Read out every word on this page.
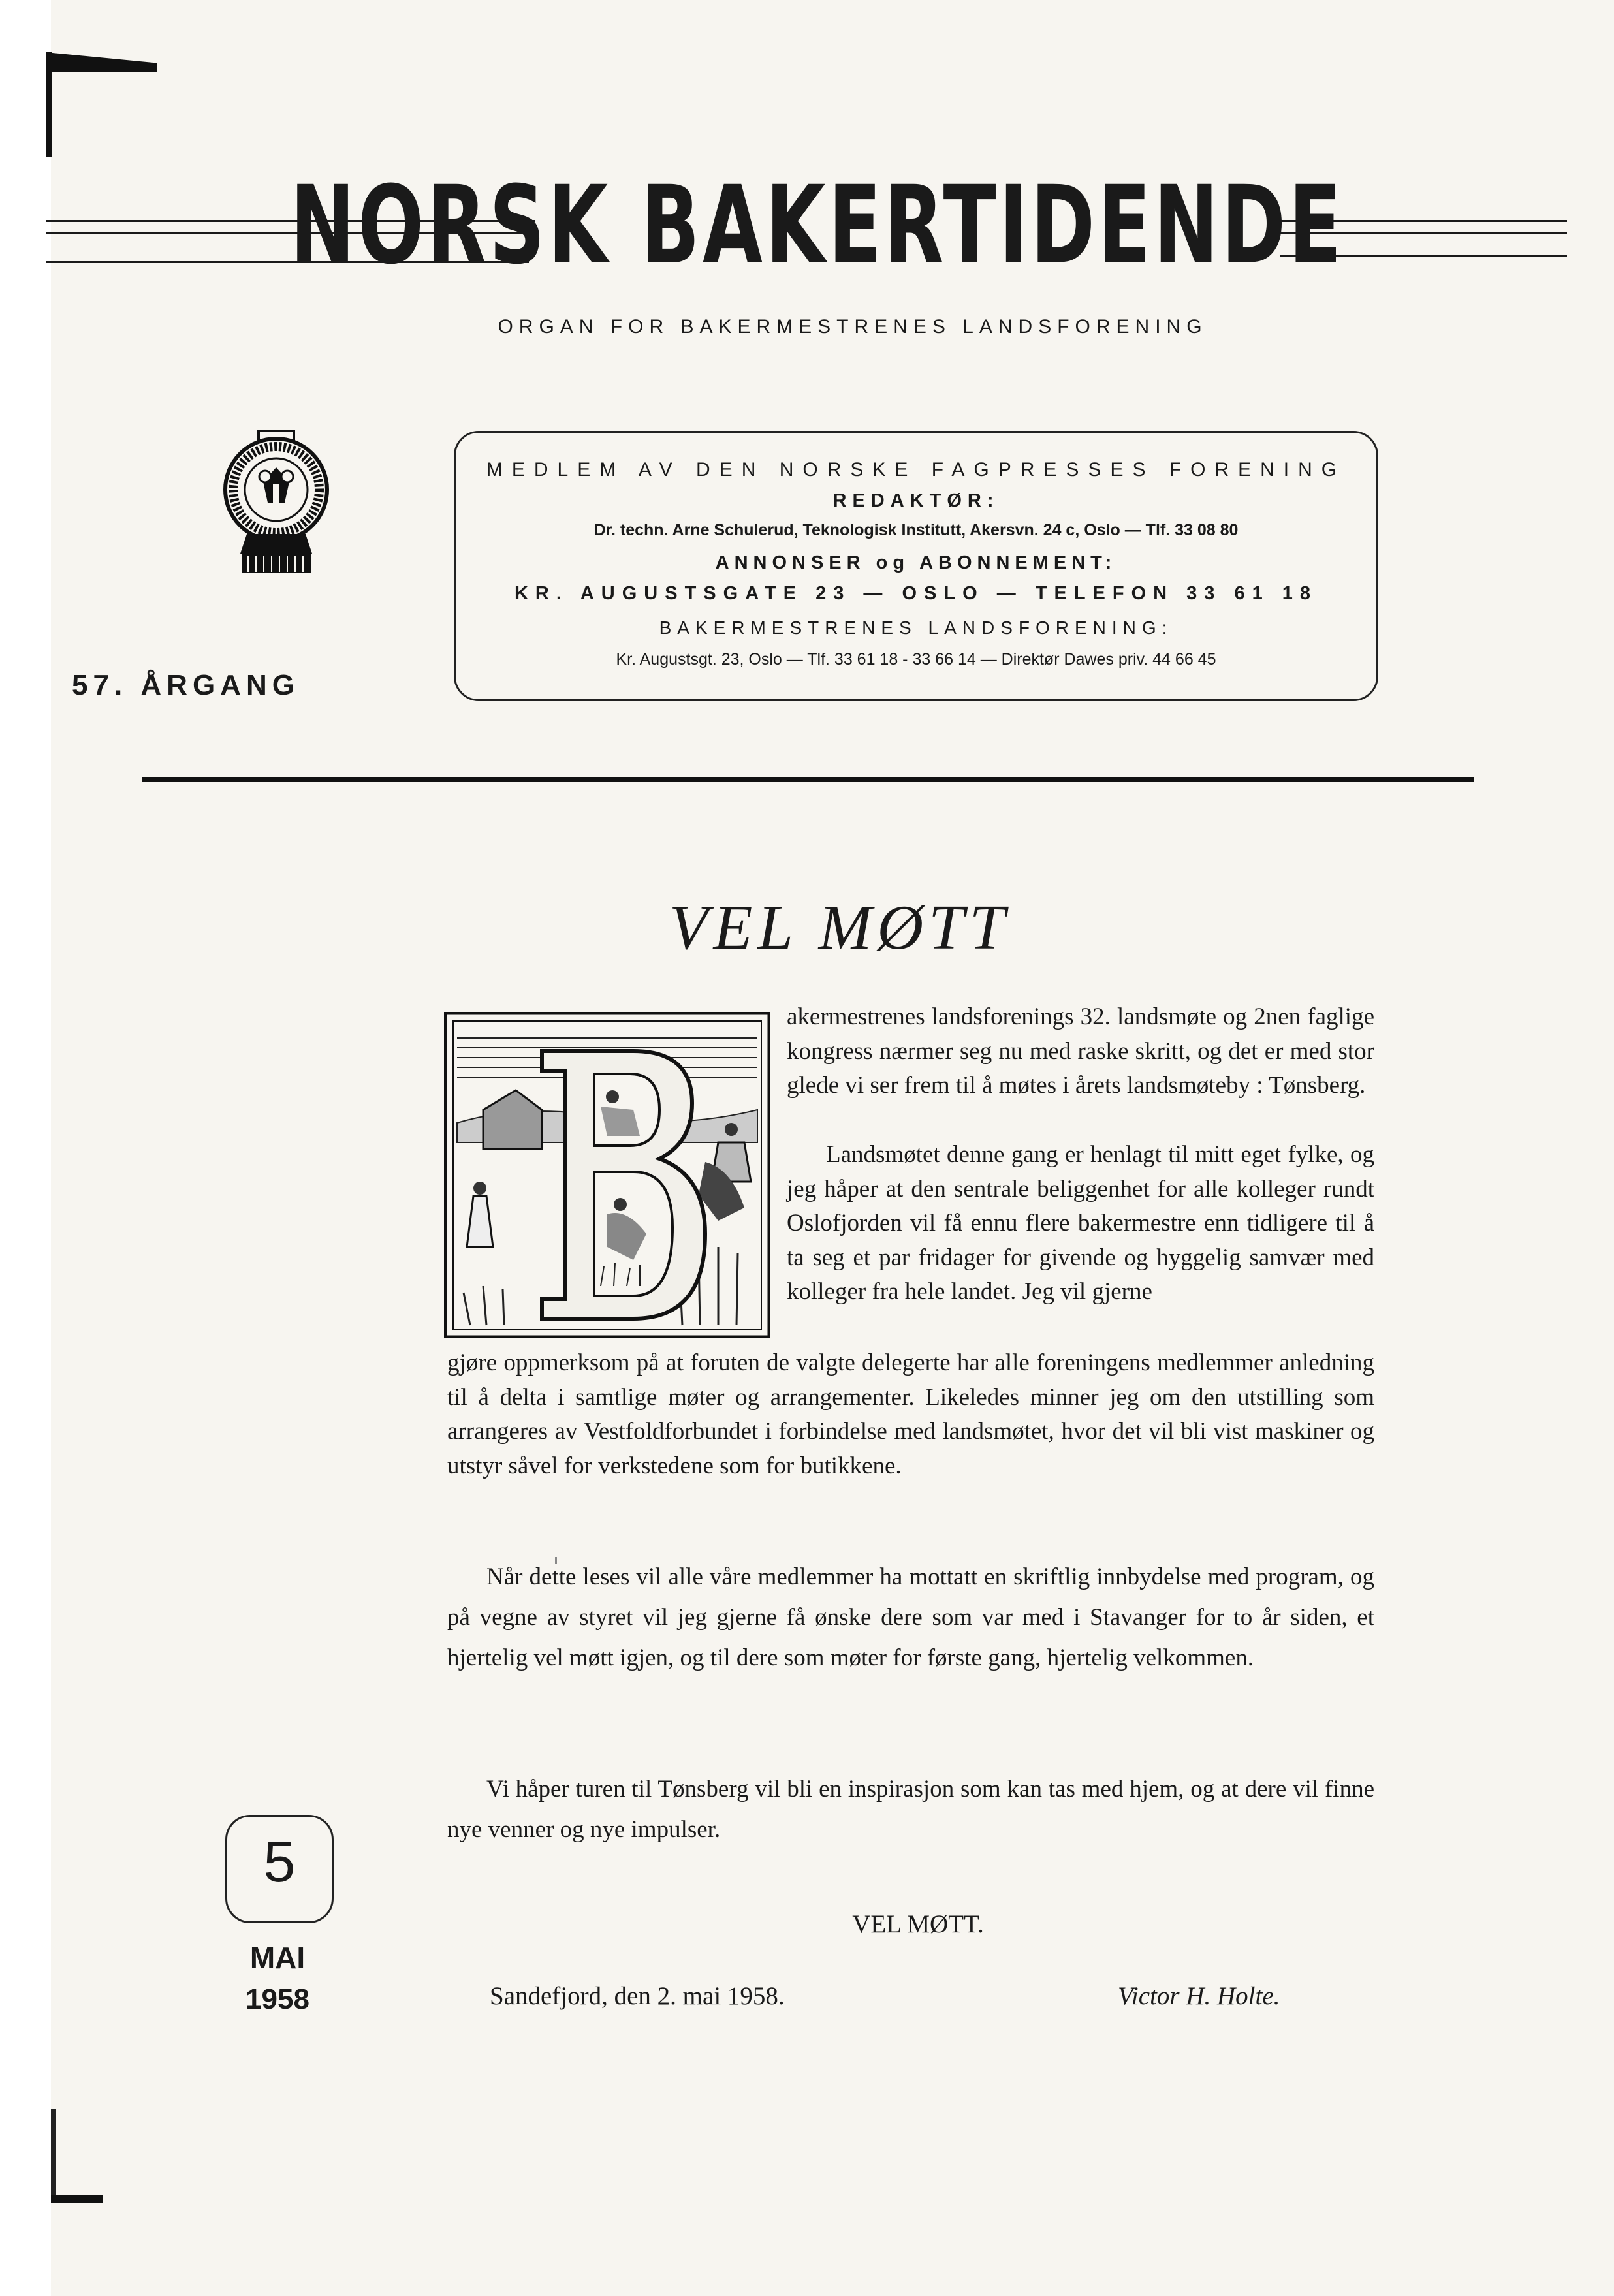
NORSK BAKERTIDENDE
ORGAN FOR BAKERMESTRENES LANDSFORENING
MEDLEM AV DEN NORSKE FAGPRESSES FORENING
REDAKTØR:
Dr. techn. Arne Schulerud, Teknologisk Institutt, Akersvn. 24 c, Oslo — Tlf. 33 08 80
ANNONSER og ABONNEMENT:
KR. AUGUSTSGATE 23 — OSLO — TELEFON 33 61 18
BAKERMESTRENES LANDSFORENING:
Kr. Augustsgt. 23, Oslo — Tlf. 33 61 18 - 33 66 14 — Direktør Dawes priv. 44 66 45
57. ÅRGANG
VEL MØTT
akermestrenes landsforenings 32. landsmøte og 2nen faglige kongress nærmer seg nu med raske skritt, og det er med stor glede vi ser frem til å møtes i årets landsmøteby : Tønsberg.
Landsmøtet denne gang er henlagt til mitt eget fylke, og jeg håper at den sentrale beliggenhet for alle kolleger rundt Oslofjorden vil få ennu flere bakermestre enn tidligere til å ta seg et par fridager for givende og hyggelig samvær med kolleger fra hele landet. Jeg vil gjerne
gjøre oppmerksom på at foruten de valgte delegerte har alle foreningens medlemmer anledning til å delta i samtlige møter og arrangementer. Likeledes minner jeg om den utstilling som arrangeres av Vestfoldforbundet i forbindelse med landsmøtet, hvor det vil bli vist maskiner og utstyr såvel for verkstedene som for butikkene.
Når dette leses vil alle våre medlemmer ha mottatt en skriftlig innbydelse med program, og på vegne av styret vil jeg gjerne få ønske dere som var med i Stavanger for to år siden, et hjertelig vel møtt igjen, og til dere som møter for første gang, hjertelig velkommen.
Vi håper turen til Tønsberg vil bli en inspirasjon som kan tas med hjem, og at dere vil finne nye venner og nye impulser.
VEL MØTT.
Sandefjord, den 2. mai 1958.	Victor H. Holte.
5
MAI
1958
